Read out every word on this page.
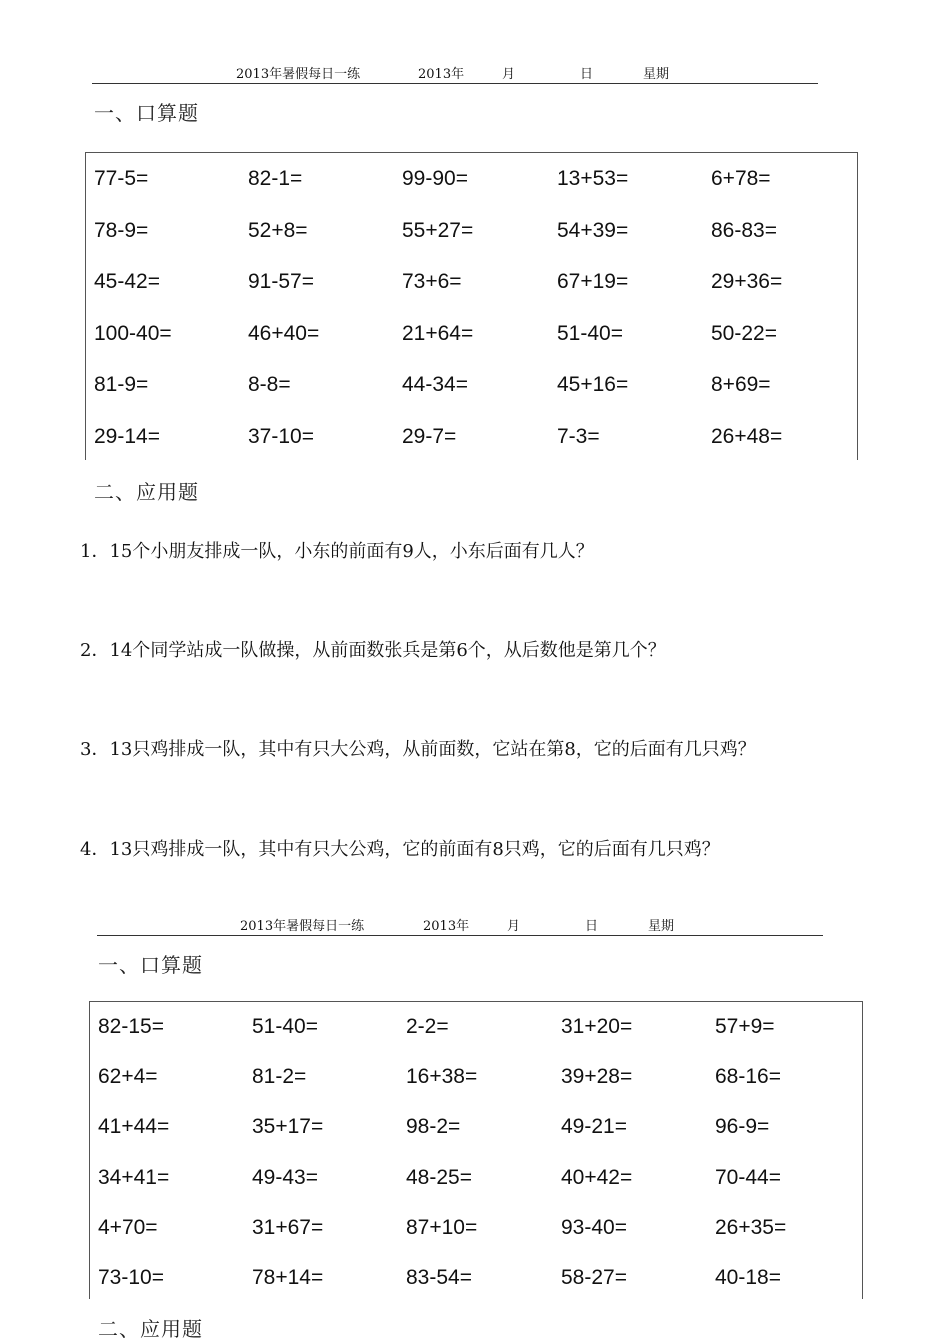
2013年暑假每日一练	2013年	月	日	星期
一、口算题
77-5=	82-1=	99-90=	13+53=	6+78=
78-9=	52+8=	55+27=	54+39=	86-83=
45-42=	91-57=	73+6=	67+19=	29+36=
100-40=	46+40=	21+64=	51-40=	50-22=
81-9=	8-8=	44-34=	45+16=	8+69=
29-14=	37-10=	29-7=	7-3=	26+48=
二、应用题
1．15个小朋友排成一队，小东的前面有9人，小东后面有几人？
2．14个同学站成一队做操，从前面数张兵是第6个，从后数他是第几个？
3．13只鸡排成一队，其中有只大公鸡，从前面数，它站在第8，它的后面有几只鸡？
4．13只鸡排成一队，其中有只大公鸡，它的前面有8只鸡，它的后面有几只鸡？
2013年暑假每日一练	2013年	月	日	星期
一、口算题
82-15=	51-40=	2-2=	31+20=	57+9=
62+4=	81-2=	16+38=	39+28=	68-16=
41+44=	35+17=	98-2=	49-21=	96-9=
34+41=	49-43=	48-25=	40+42=	70-44=
4+70=	31+67=	87+10=	93-40=	26+35=
73-10=	78+14=	83-54=	58-27=	40-18=
二、应用题
